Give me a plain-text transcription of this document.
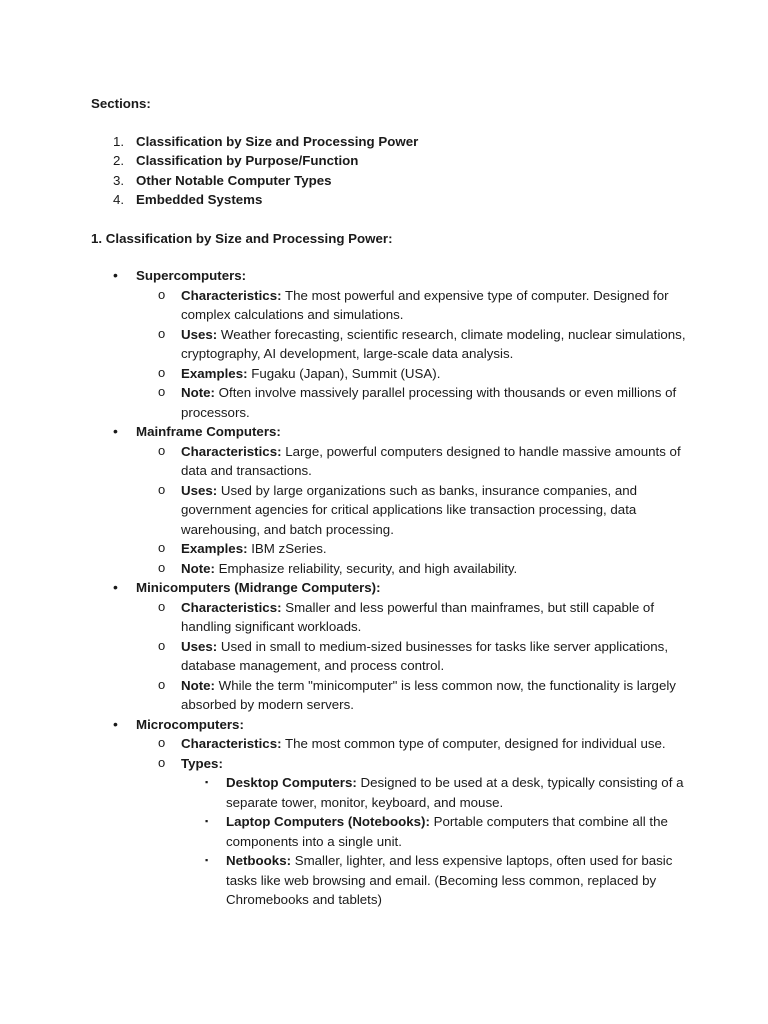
Sections:

1. Classification by Size and Processing Power
2. Classification by Purpose/Function
3. Other Notable Computer Types
4. Embedded Systems

1. Classification by Size and Processing Power:

• Supercomputers:
o Characteristics: The most powerful and expensive type of computer. Designed for complex calculations and simulations.
o Uses: Weather forecasting, scientific research, climate modeling, nuclear simulations, cryptography, AI development, large-scale data analysis.
o Examples: Fugaku (Japan), Summit (USA).
o Note: Often involve massively parallel processing with thousands or even millions of processors.
• Mainframe Computers:
o Characteristics: Large, powerful computers designed to handle massive amounts of data and transactions.
o Uses: Used by large organizations such as banks, insurance companies, and government agencies for critical applications like transaction processing, data warehousing, and batch processing.
o Examples: IBM zSeries.
o Note: Emphasize reliability, security, and high availability.
• Minicomputers (Midrange Computers):
o Characteristics: Smaller and less powerful than mainframes, but still capable of handling significant workloads.
o Uses: Used in small to medium-sized businesses for tasks like server applications, database management, and process control.
o Note: While the term "minicomputer" is less common now, the functionality is largely absorbed by modern servers.
• Microcomputers:
o Characteristics: The most common type of computer, designed for individual use.
o Types:
▪ Desktop Computers: Designed to be used at a desk, typically consisting of a separate tower, monitor, keyboard, and mouse.
▪ Laptop Computers (Notebooks): Portable computers that combine all the components into a single unit.
▪ Netbooks: Smaller, lighter, and less expensive laptops, often used for basic tasks like web browsing and email. (Becoming less common, replaced by Chromebooks and tablets)
